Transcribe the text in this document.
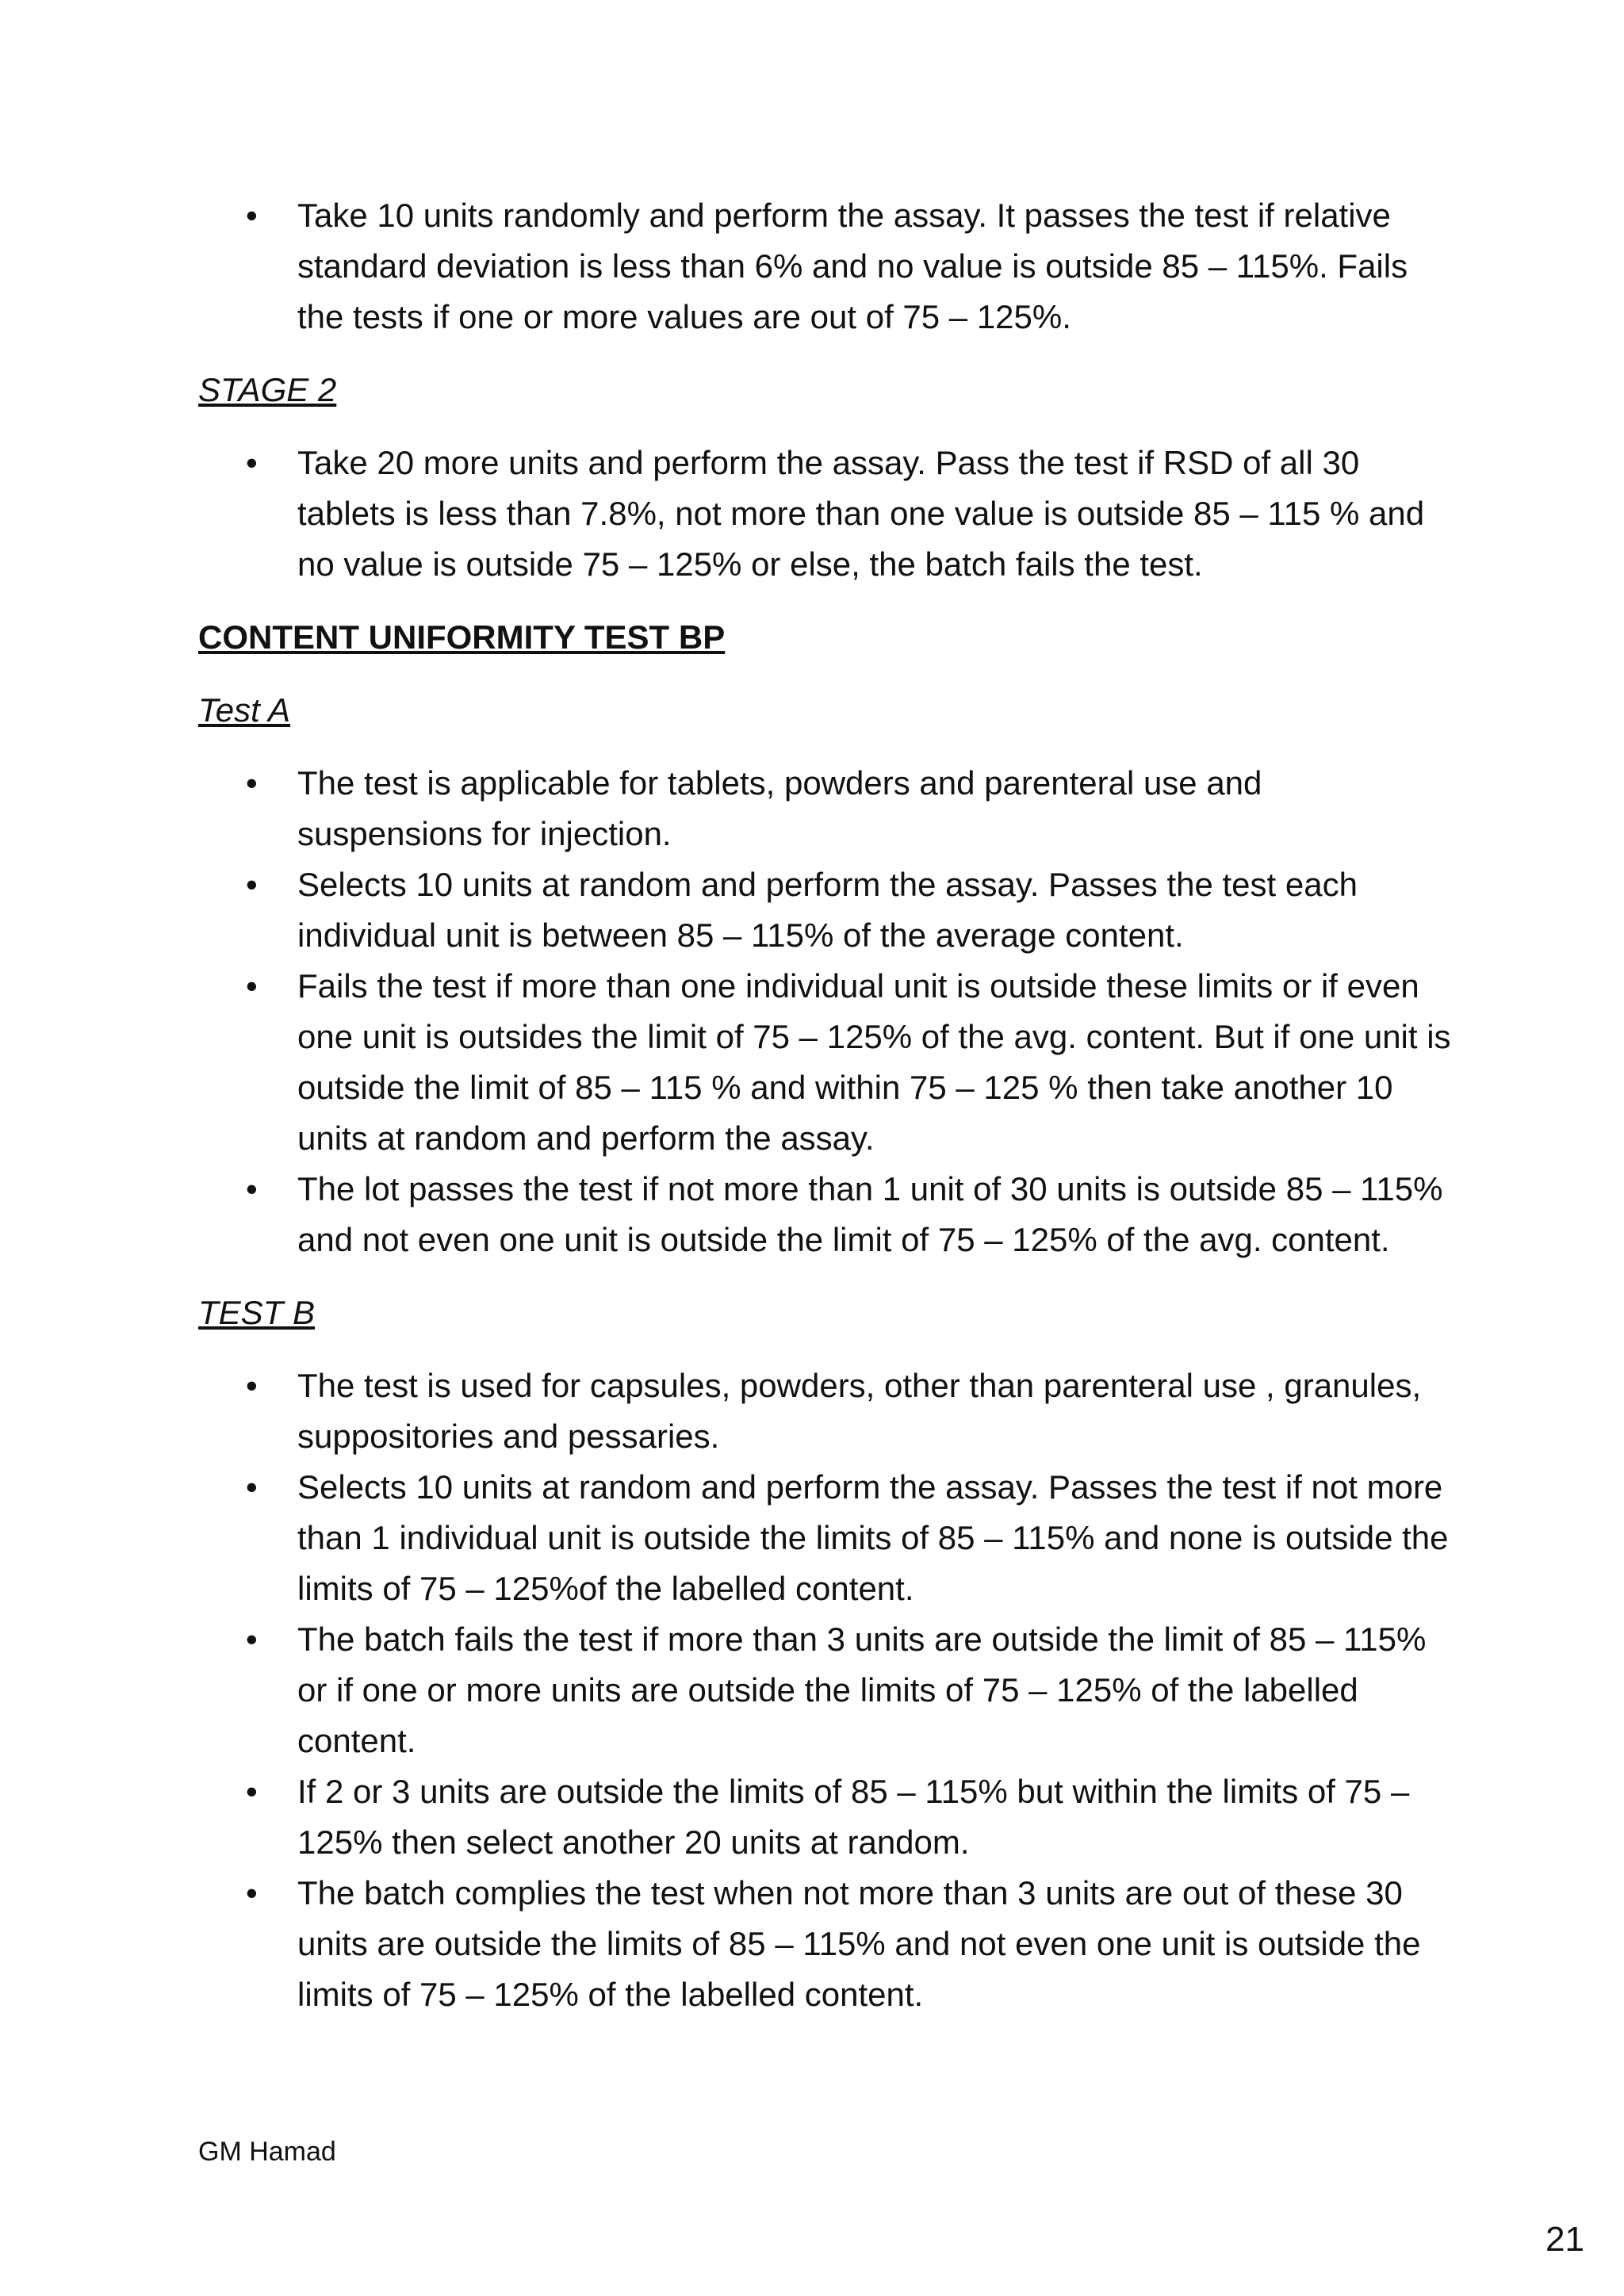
• Take 10 units randomly and perform the assay. It passes the test if relative standard deviation is less than 6% and no value is outside 85 – 115%. Fails the tests if one or more values are out of 75 – 125%.
STAGE 2
• Take 20 more units and perform the assay. Pass the test if RSD of all 30 tablets is less than 7.8%, not more than one value is outside 85 – 115 % and no value is outside 75 – 125% or else, the batch fails the test.
CONTENT UNIFORMITY TEST BP
Test A
• The test is applicable for tablets, powders and parenteral use and suspensions for injection.
• Selects 10 units at random and perform the assay. Passes the test each individual unit is between 85 – 115% of the average content.
• Fails the test if more than one individual unit is outside these limits or if even one unit is outsides the limit of 75 – 125% of the avg. content. But if one unit is outside the limit of 85 – 115 % and within 75 – 125 % then take another 10 units at random and perform the assay.
• The lot passes the test if not more than 1 unit of 30 units is outside 85 – 115% and not even one unit is outside the limit of 75 – 125% of the avg. content.
TEST B
• The test is used for capsules, powders, other than parenteral use , granules, suppositories and pessaries.
• Selects 10 units at random and perform the assay. Passes the test if not more than 1 individual unit is outside the limits of 85 – 115% and none is outside the limits of 75 – 125%of the labelled content.
• The batch fails the test if more than 3 units are outside the limit of 85 – 115% or if one or more units are outside the limits of 75 – 125% of the labelled content.
• If 2 or 3 units are outside the limits of 85 – 115% but within the limits of 75 – 125% then select another 20 units at random.
• The batch complies the test when not more than 3 units are out of these 30 units are outside the limits of 85 – 115% and not even one unit is outside the limits of 75 – 125% of the labelled content.
GM Hamad
21
